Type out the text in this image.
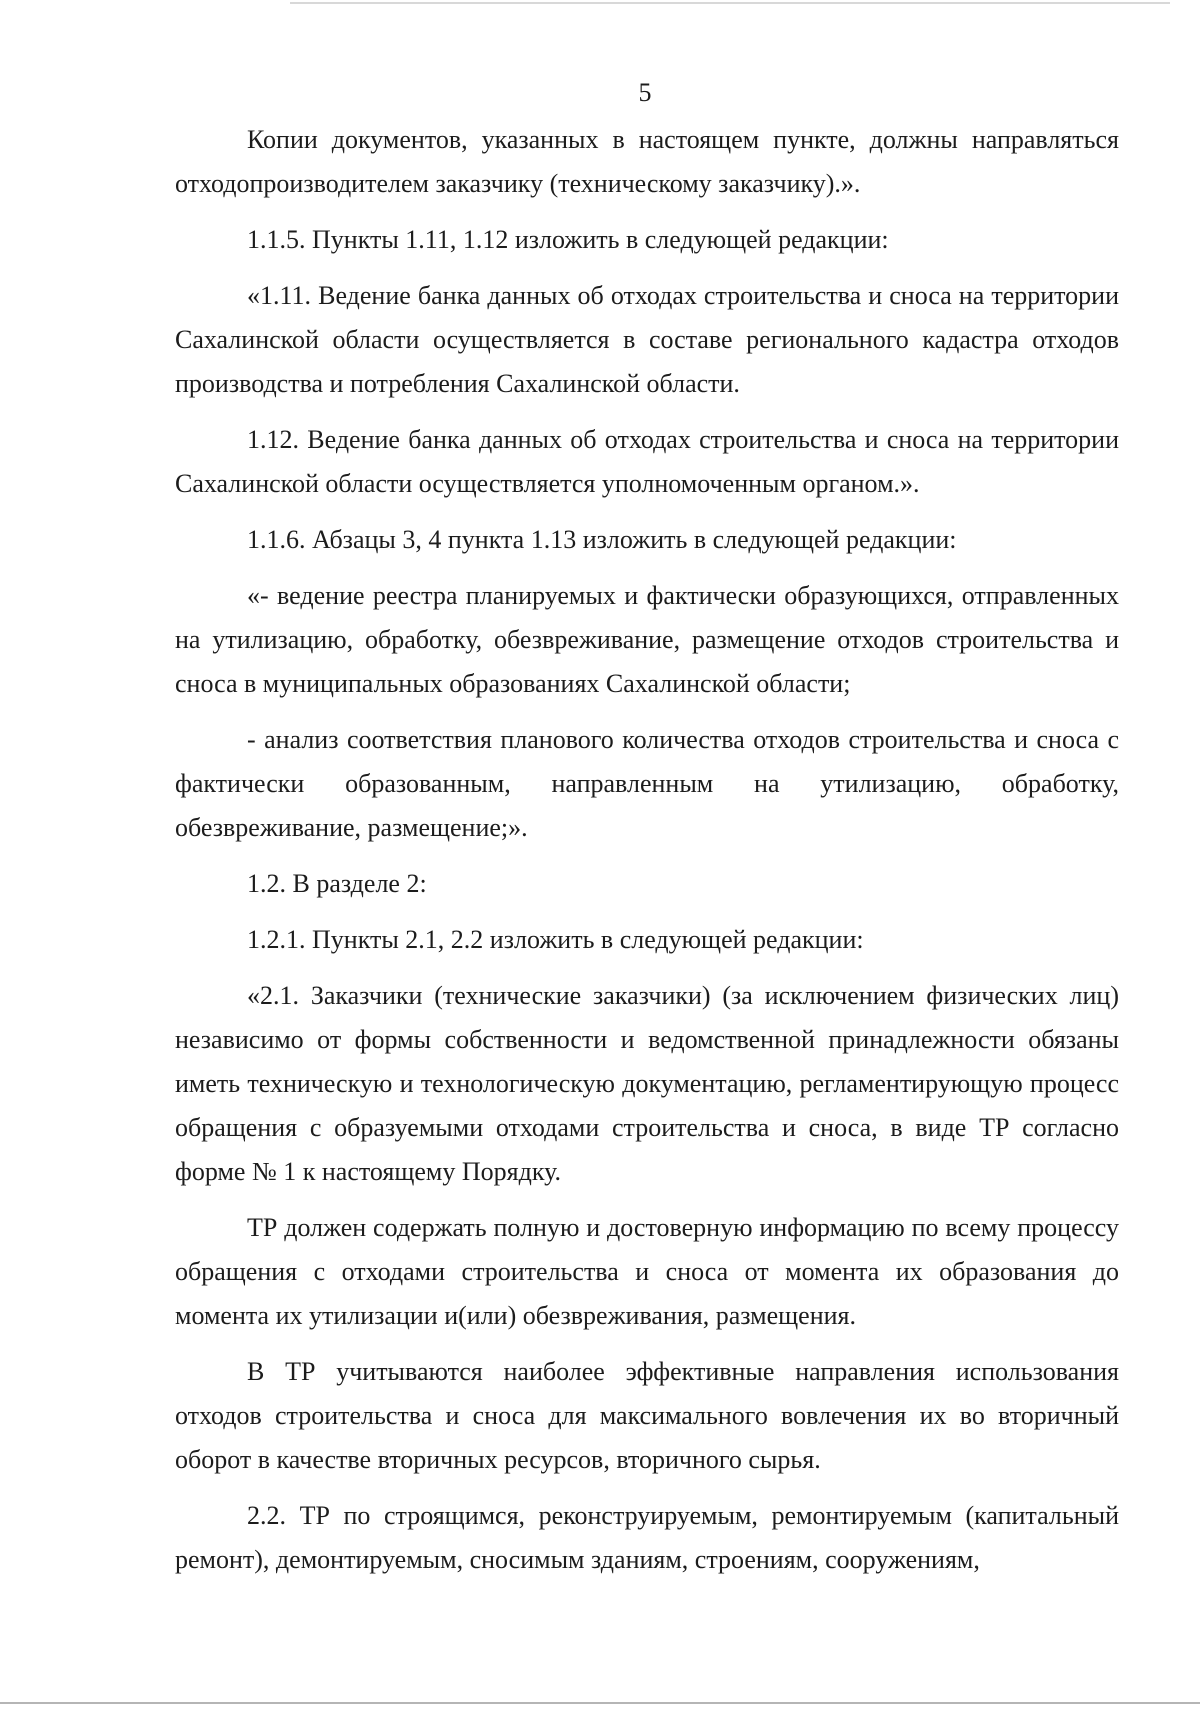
5

Копии документов, указанных в настоящем пункте, должны направляться отходопроизводителем заказчику (техническому заказчику).».

1.1.5. Пункты 1.11, 1.12 изложить в следующей редакции:

«1.11. Ведение банка данных об отходах строительства и сноса на территории Сахалинской области осуществляется в составе регионального кадастра отходов производства и потребления Сахалинской области.

1.12. Ведение банка данных об отходах строительства и сноса на территории Сахалинской области осуществляется уполномоченным органом.».

1.1.6. Абзацы 3, 4 пункта 1.13 изложить в следующей редакции:

«- ведение реестра планируемых и фактически образующихся, отправленных на утилизацию, обработку, обезвреживание, размещение отходов строительства и сноса в муниципальных образованиях Сахалинской области;

- анализ соответствия планового количества отходов строительства и сноса с фактически образованным, направленным на утилизацию, обработку, обезвреживание, размещение;».

1.2. В разделе 2:

1.2.1. Пункты 2.1, 2.2 изложить в следующей редакции:

«2.1. Заказчики (технические заказчики) (за исключением физических лиц) независимо от формы собственности и ведомственной принадлежности обязаны иметь техническую и технологическую документацию, регламентирующую процесс обращения с образуемыми отходами строительства и сноса, в виде ТР согласно форме № 1 к настоящему Порядку.

ТР должен содержать полную и достоверную информацию по всему процессу обращения с отходами строительства и сноса от момента их образования до момента их утилизации и(или) обезвреживания, размещения.

В ТР учитываются наиболее эффективные направления использования отходов строительства и сноса для максимального вовлечения их во вторичный оборот в качестве вторичных ресурсов, вторичного сырья.

2.2. ТР по строящимся, реконструируемым, ремонтируемым (капитальный ремонт), демонтируемым, сносимым зданиям, строениям, сооружениям,
